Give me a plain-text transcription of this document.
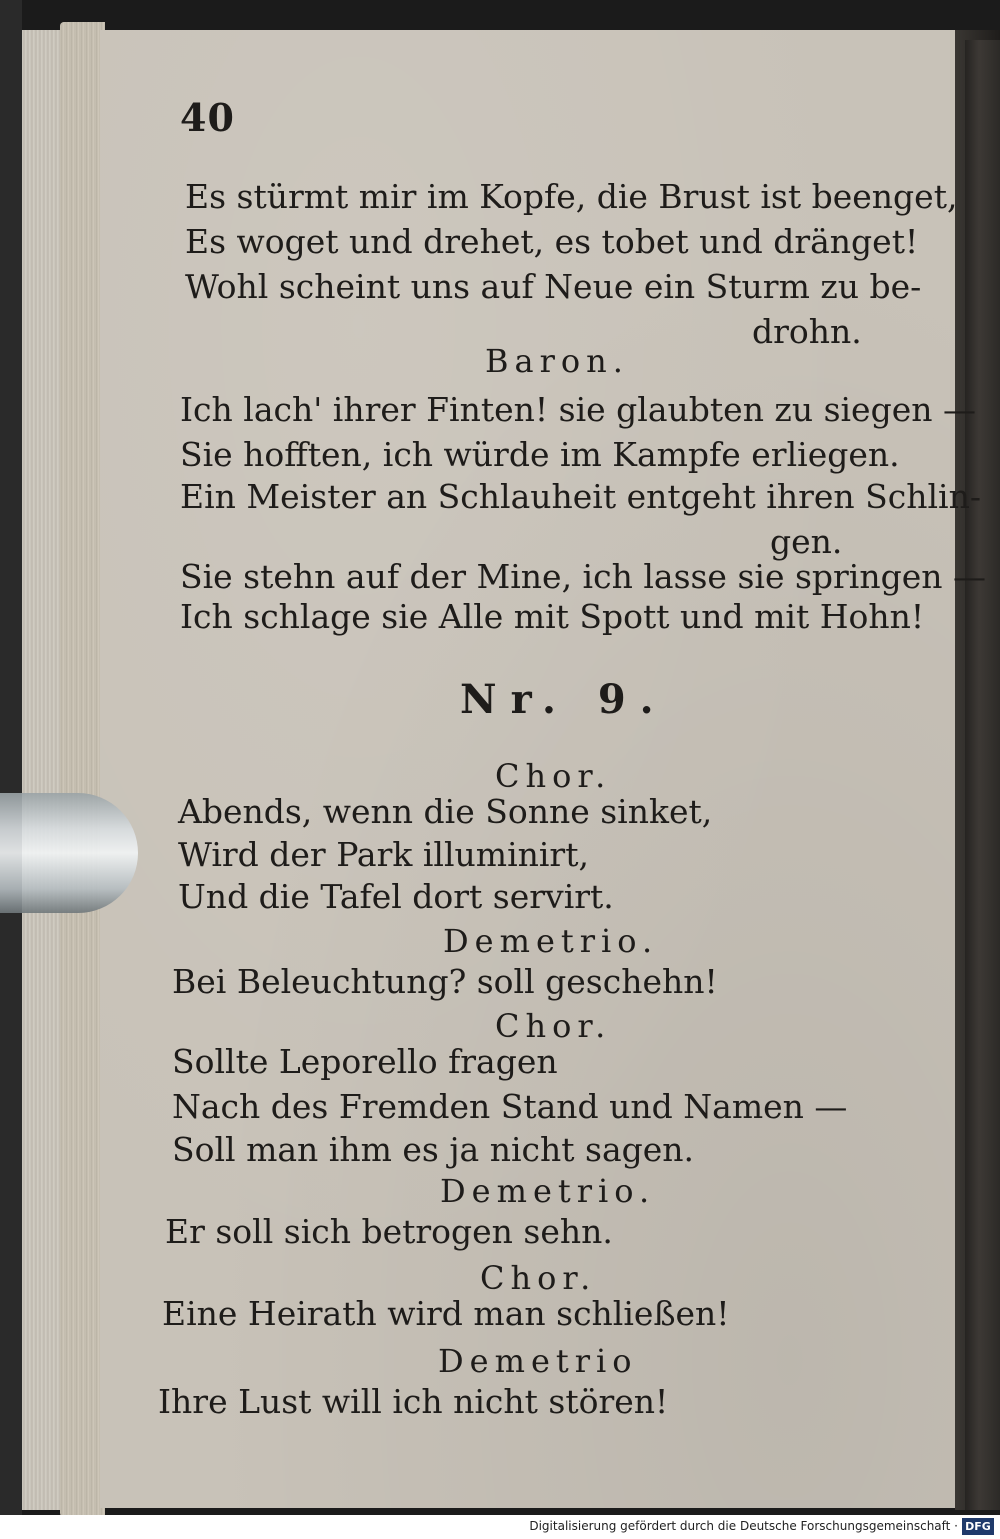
40
Es stürmt mir im Kopfe, die Brust ist beenget,
Es woget und drehet, es tobet und dränget!
Wohl scheint uns auf Neue ein Sturm zu be-
drohn.
Baron.
Ich lach' ihrer Finten! sie glaubten zu siegen —
Sie hofften, ich würde im Kampfe erliegen.
Ein Meister an Schlauheit entgeht ihren Schlin-
gen.
Sie stehn auf der Mine, ich lasse sie springen —
Ich schlage sie Alle mit Spott und mit Hohn!
Nr. 9.
Chor.
Abends, wenn die Sonne sinket,
Wird der Park illuminirt,
Und die Tafel dort servirt.
Demetrio.
Bei Beleuchtung? soll geschehn!
Chor.
Sollte Leporello fragen
Nach des Fremden Stand und Namen —
Soll man ihm es ja nicht sagen.
Demetrio.
Er soll sich betrogen sehn.
Chor.
Eine Heirath wird man schließen!
Demetrio
Ihre Lust will ich nicht stören!
Digitalisierung gefördert durch die Deutsche Forschungsgemeinschaft · DFG
